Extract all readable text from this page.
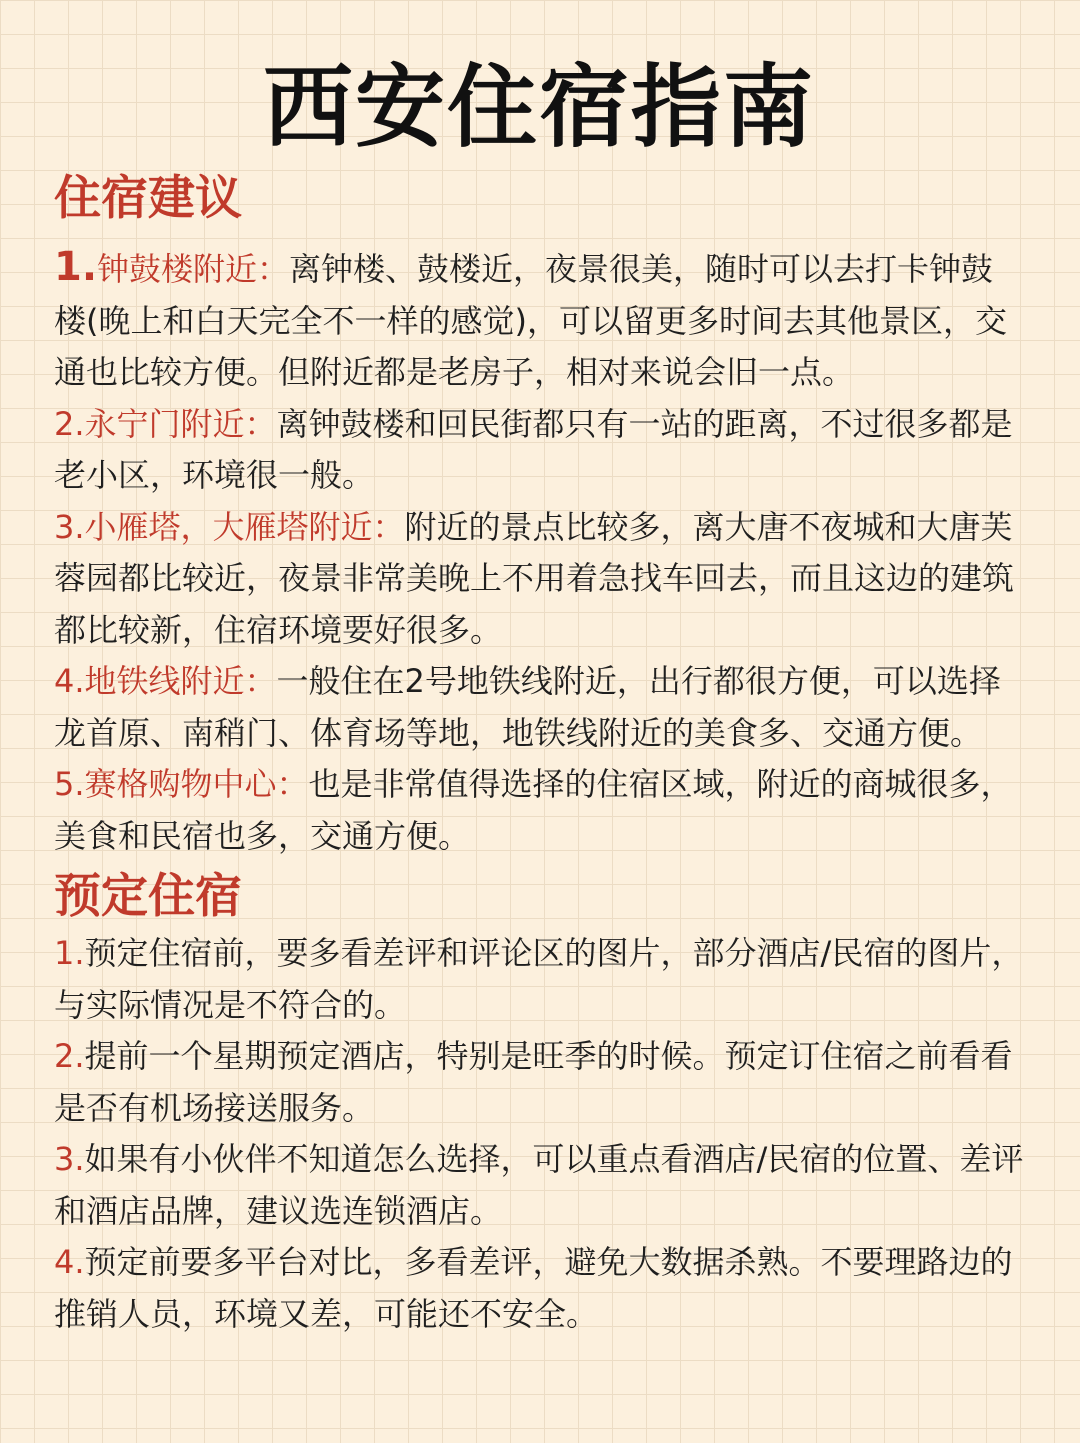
西安住宿指南
住宿建议

1.钟鼓楼附近：离钟楼、鼓楼近，夜景很美，随时可以去打卡钟鼓楼(晚上和白天完全不一样的感觉)，可以留更多时间去其他景区，交通也比较方便。但附近都是老房子，相对来说会旧一点。

2.永宁门附近：离钟鼓楼和回民街都只有一站的距离，不过很多都是老小区，环境很一般。

3.小雁塔，大雁塔附近：附近的景点比较多，离大唐不夜城和大唐芙蓉园都比较近，夜景非常美晚上不用着急找车回去，而且这边的建筑都比较新，住宿环境要好很多。

4.地铁线附近：一般住在2号地铁线附近，出行都很方便，可以选择龙首原、南稍门、体育场等地，地铁线附近的美食多、交通方便。

5.赛格购物中心：也是非常值得选择的住宿区域，附近的商城很多，美食和民宿也多，交通方便。

预定住宿

1.预定住宿前，要多看差评和评论区的图片，部分酒店/民宿的图片，与实际情况是不符合的。

2.提前一个星期预定酒店，特别是旺季的时候。预定订住宿之前看看是否有机场接送服务。

3.如果有小伙伴不知道怎么选择，可以重点看酒店/民宿的位置、差评和酒店品牌，建议选连锁酒店。

4.预定前要多平台对比，多看差评，避免大数据杀熟。不要理路边的推销人员，环境又差，可能还不安全。
